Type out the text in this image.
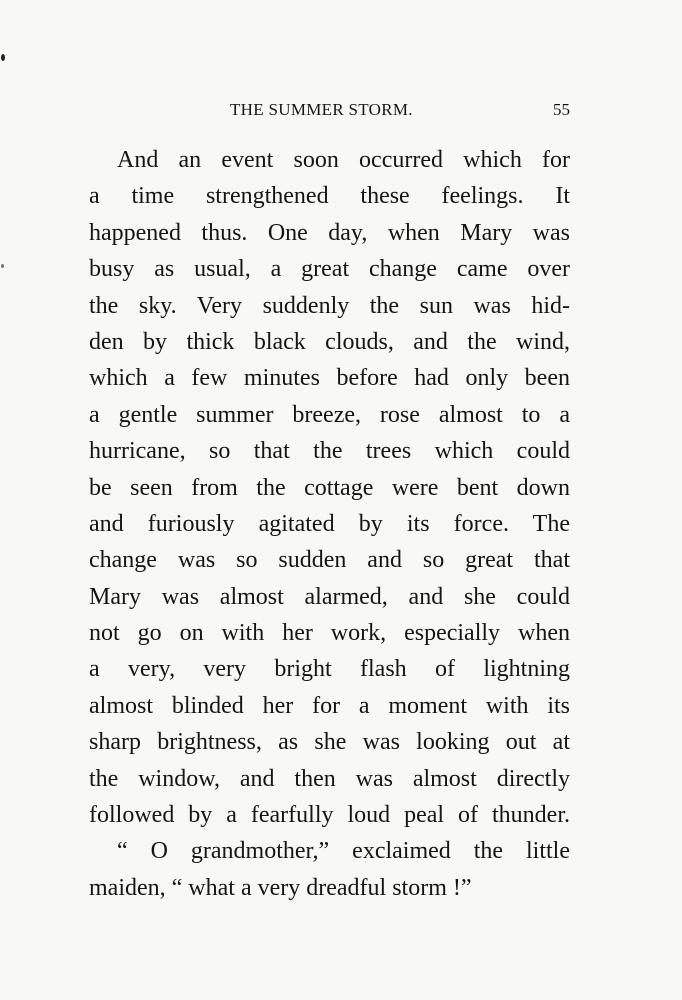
THE SUMMER STORM.	55
And an event soon occurred which for
a time strengthened these feelings. It
happened thus. One day, when Mary was
busy as usual, a great change came over
the sky. Very suddenly the sun was hid-
den by thick black clouds, and the wind,
which a few minutes before had only been
a gentle summer breeze, rose almost to a
hurricane, so that the trees which could
be seen from the cottage were bent down
and furiously agitated by its force. The
change was so sudden and so great that
Mary was almost alarmed, and she could
not go on with her work, especially when
a very, very bright flash of lightning
almost blinded her for a moment with its
sharp brightness, as she was looking out at
the window, and then was almost directly
followed by a fearfully loud peal of thunder.
“ O grandmother,” exclaimed the little
maiden, “ what a very dreadful storm !”
